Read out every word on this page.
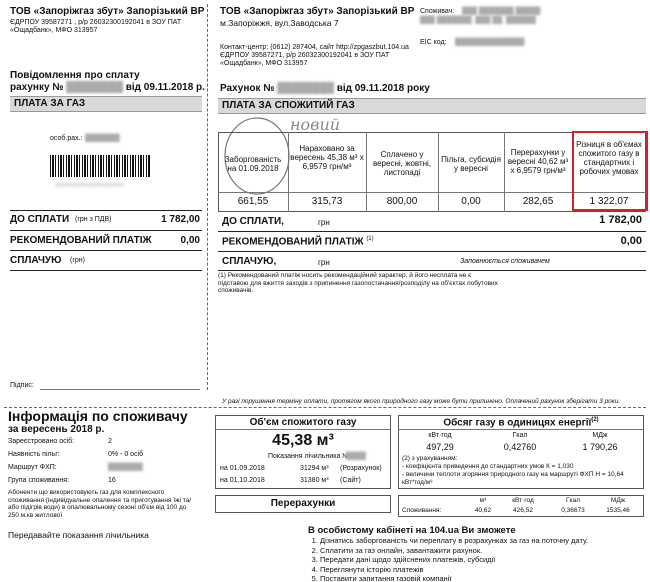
ТОВ «Запоріжгаз збут» Запорізький ВР
ЄДРПОУ 39587271 , р/р 26032300192041 в ЗОУ ПАТ
«Ощадбанк», МФО 313957
ТОВ «Запоріжгаз збут» Запорізький ВР
м.Запоріжжя, вул.Заводська 7
Контакт-центр: (0612) 287404, сайт http://zpgaszbut.104.ua
ЄДРПОУ 39587271, р/р 26032300192041 в ЗОУ ПАТ
«Ощадбанк», МФО 313957
Споживач: ███ ███████ █████
███ ███████, ███ ██, ██████
EIC код: ██████████████
Повідомлення про сплату
рахунку № ████████ від 09.11.2018 р.
ПЛАТА ЗА ГАЗ
особ.рах.: ███████
0000000000000000000
ДО СПЛАТИ (грн з ПДВ)	1 782,00
РЕКОМЕНДОВАНИЙ ПЛАТІЖ	0,00
СПЛАЧУЮ (грн)
Рахунок № ████████ від 09.11.2018 року
ПЛАТА ЗА СПОЖИТИЙ ГАЗ
новий
Заборгованість на 01.09.2018
Нараховано за вересень 45,38 м³ х 6,9579 грн/м³
Сплачено у вересні, жовтні, листопаді
Пільга, субсидія у вересні
Перерахунки у вересні 40,62 м³ х 6,9579 грн/м³
Різниця в об'ємах спожитого газу в стандартних і робочих умовах
661,55	315,73	800,00	0,00	282,65	1 322,07
ДО СПЛАТИ,	грн	1 782,00
РЕКОМЕНДОВАНИЙ ПЛАТІЖ $^{(1)}$	0,00
СПЛАЧУЮ,	грн	Заповнюється споживачем
(1) Рекомендований платіж носить рекомендаційний характер, й його несплата не є підставою для вжиття заходів з припинення газопостачання/розподілу на об'єктах побутових споживачів.
Підпис:
У разі порушення терміну оплати, протягом якого природного газу може бути припинено. Оплачений рахунок зберігати 3 роки.
Інформація по споживачу
за вересень 2018 р.
Зареєстровано осіб:	2
Наявність пільг:	0% - 0 осіб
Маршрут ФХП:	███████
Група споживання:	16
Абоненти що використовують газ для комплексного споживання (індивідуальне опалення та приготування їжі та/або підігрів води) в опалювальному сезоні об'єм від 100 до 250 м.кв житлової
Передавайте показання лічильника
Об'єм спожитого газу
45,38 м³
Показання лічильника №
████
на 01.09.2018	31294 м³ (Розрахунок)
на 01.10.2018	31380 м³ (Сайт)
Перерахунки
Обсяг газу в одиницях енергії$^{(2)}$
кВт·год	Гкал	МДж
497,29	0,42760	1 790,26
(2) з урахуванням:
- коефіцієнта приведення до стандартних умов К = 1,030
- величини теплоти згоряння природного газу на маршруті ФХП Н = 10,64 кВт*год/м³
м³	кВт·год	Гкал	МДж
Споживання:	40,62	426,52	0,36673	1535,46
В особистому кабінеті на 104.ua Ви зможете
1. Дізнатись заборгованість чи переплату в розрахунках за газ на поточну дату.
2. Сплатити за газ онлайн, завантажити рахунок.
3. Передати дані щодо здійснених платежів, субсидії
4. Переглянути історію платежів
5. Поставити запитання газовій компанії
